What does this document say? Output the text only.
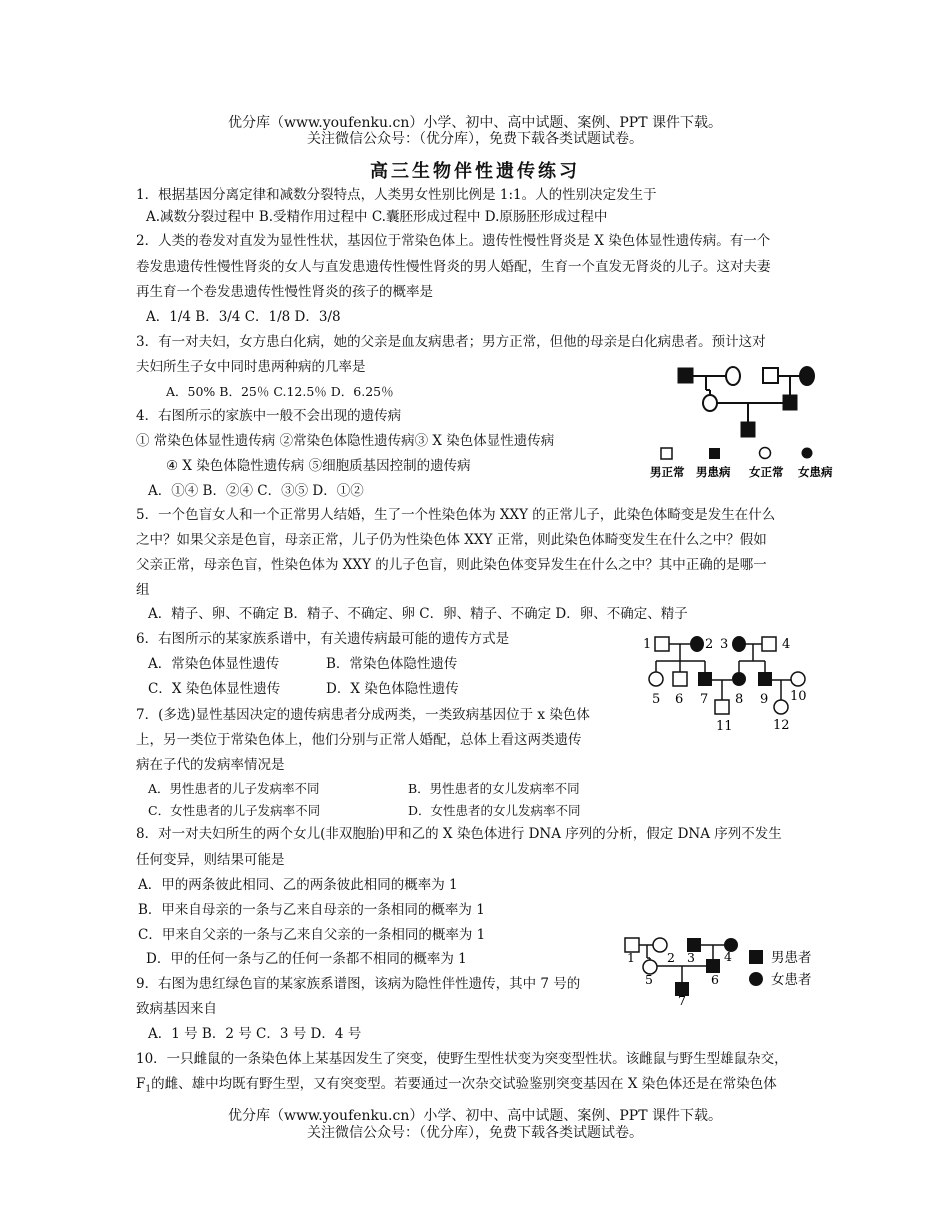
优分库（www.youfenku.cn）小学、初中、高中试题、案例、PPT 课件下载。
关注微信公众号：（优分库），免费下载各类试题试卷。
高三生物伴性遗传练习
1．根据基因分离定律和减数分裂特点，人类男女性别比例是 1:1。人的性别决定发生于
A.减数分裂过程中 B.受精作用过程中 C.囊胚形成过程中 D.原肠胚形成过程中
2．人类的卷发对直发为显性性状，基因位于常染色体上。遗传性慢性肾炎是 X 染色体显性遗传病。有一个
卷发患遗传性慢性肾炎的女人与直发患遗传性慢性肾炎的男人婚配，生育一个直发无肾炎的儿子。这对夫妻
再生育一个卷发患遗传性慢性肾炎的孩子的概率是
A．1/4 B．3/4 C．1/8 D．3/8
3．有一对夫妇，女方患白化病，她的父亲是血友病患者；男方正常，但他的母亲是白化病患者。预计这对
夫妇所生子女中同时患两种病的几率是
A．50% B．25％ C.12.5％ D．6.25％
4．右图所示的家族中一般不会出现的遗传病
① 常染色体显性遗传病 ②常染色体隐性遗传病③ X 染色体显性遗传病
④ X 染色体隐性遗传病 ⑤细胞质基因控制的遗传病
A．①④ B．②④ C．③⑤ D．①②
男正常 男患病 女正常 女患病
5．一个色盲女人和一个正常男人结婚，生了一个性染色体为 XXY 的正常儿子，此染色体畸变是发生在什么
之中？如果父亲是色盲，母亲正常，儿子仍为性染色体 XXY 正常，则此染色体畸变发生在什么之中？假如
父亲正常，母亲色盲，性染色体为 XXY 的儿子色盲，则此染色体变异发生在什么之中？其中正确的是哪一
组
A．精子、卵、不确定 B．精子、不确定、卵 C．卵、精子、不确定 D．卵、不确定、精子
6．右图所示的某家族系谱中，有关遗传病最可能的遗传方式是
A．常染色体显性遗传	B．常染色体隐性遗传
C．X 染色体显性遗传	D．X 染色体隐性遗传
1	2 3	4
5 6 7 8 9 10
11	12
7．(多选)显性基因决定的遗传病患者分成两类，一类致病基因位于 x 染色体
上，另一类位于常染色体上，他们分别与正常人婚配，总体上看这两类遗传
病在子代的发病率情况是
A．男性患者的儿子发病率不同	B．男性患者的女儿发病率不同
C．女性患者的儿子发病率不同	D．女性患者的女儿发病率不同
8．对一对夫妇所生的两个女儿(非双胞胎)甲和乙的 X 染色体进行 DNA 序列的分析，假定 DNA 序列不发生
任何变异，则结果可能是
A．甲的两条彼此相同、乙的两条彼此相同的概率为 1
B．甲来自母亲的一条与乙来自母亲的一条相同的概率为 1
C．甲来自父亲的一条与乙来自父亲的一条相同的概率为 1
D．甲的任何一条与乙的任何一条都不相同的概率为 1
9．右图为患红绿色盲的某家族系谱图，该病为隐性伴性遗传，其中 7 号的
致病基因来自
A．1 号 B．2 号 C．3 号 D．4 号
1	2 3 4
5	6
7
男患者
女患者
10．一只雌鼠的一条染色体上某基因发生了突变，使野生型性状变为突变型性状。该雌鼠与野生型雄鼠杂交，
$F_1$的雌、雄中均既有野生型，又有突变型。若要通过一次杂交试验鉴别突变基因在 X 染色体还是在常染色体
优分库（www.youfenku.cn）小学、初中、高中试题、案例、PPT 课件下载。
关注微信公众号：（优分库），免费下载各类试题试卷。
